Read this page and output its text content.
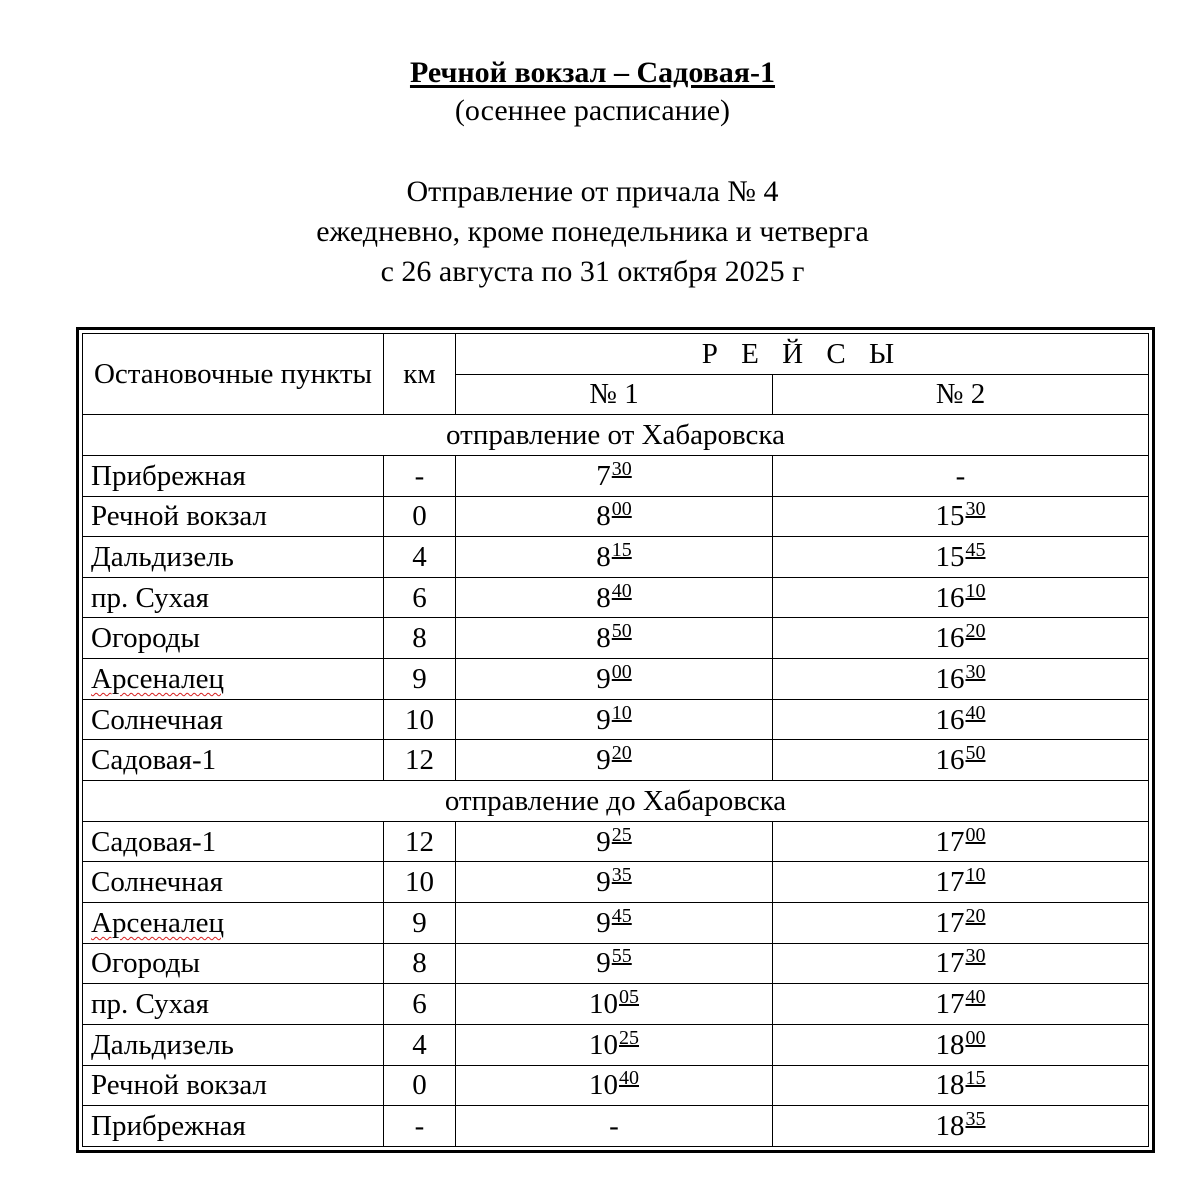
Речной вокзал – Садовая-1
(осеннее расписание)
Отправление от причала № 4
ежедневно, кроме понедельника и четверга
с 26 августа по 31 октября 2025 г
Остановочные пункты	км	Р Е Й С Ы	
		№ 1	№ 2
отправление от Хабаровска			
Прибрежная	-	$7^{30}$	-
Речной вокзал	0	$8^{00}$	$15^{30}$
Дальдизель	4	$8^{15}$	$15^{45}$
пр. Сухая	6	$8^{40}$	$16^{10}$
Огороды	8	$8^{50}$	$16^{20}$
Арсеналец	9	$9^{00}$	$16^{30}$
Солнечная	10	$9^{10}$	$16^{40}$
Садовая-1	12	$9^{20}$	$16^{50}$
отправление до Хабаровска			
Садовая-1	12	$9^{25}$	$17^{00}$
Солнечная	10	$9^{35}$	$17^{10}$
Арсеналец	9	$9^{45}$	$17^{20}$
Огороды	8	$9^{55}$	$17^{30}$
пр. Сухая	6	$10^{05}$	$17^{40}$
Дальдизель	4	$10^{25}$	$18^{00}$
Речной вокзал	0	$10^{40}$	$18^{15}$
Прибрежная	-	-	$18^{35}$
